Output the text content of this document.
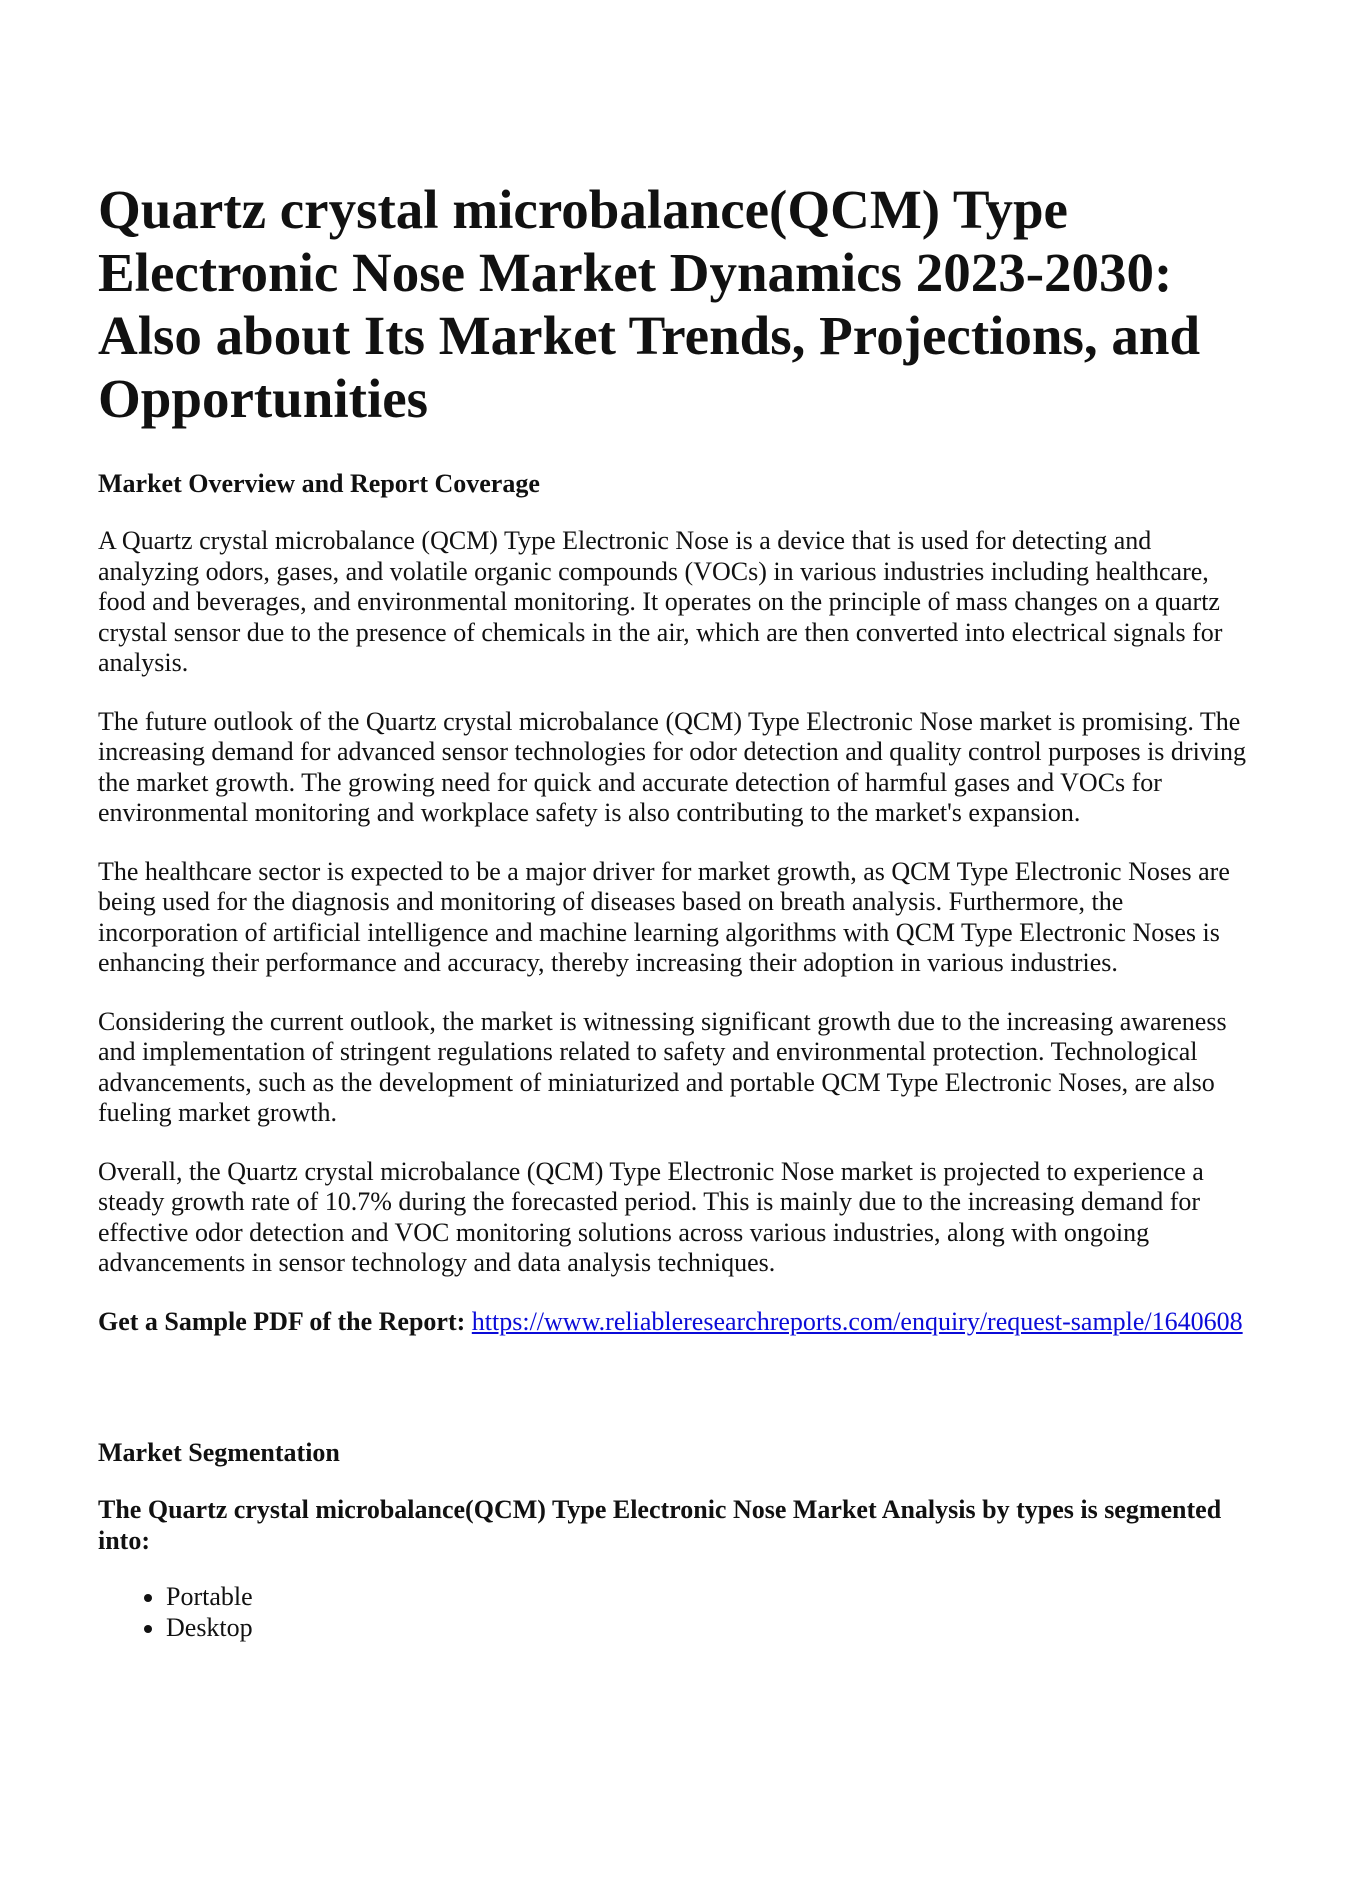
Quartz crystal microbalance(QCM) Type Electronic Nose Market Dynamics 2023-2030: Also about Its Market Trends, Projections, and Opportunities
Market Overview and Report Coverage

A Quartz crystal microbalance (QCM) Type Electronic Nose is a device that is used for detecting and analyzing odors, gases, and volatile organic compounds (VOCs) in various industries including healthcare, food and beverages, and environmental monitoring. It operates on the principle of mass changes on a quartz crystal sensor due to the presence of chemicals in the air, which are then converted into electrical signals for analysis.

The future outlook of the Quartz crystal microbalance (QCM) Type Electronic Nose market is promising. The increasing demand for advanced sensor technologies for odor detection and quality control purposes is driving the market growth. The growing need for quick and accurate detection of harmful gases and VOCs for environmental monitoring and workplace safety is also contributing to the market's expansion.

The healthcare sector is expected to be a major driver for market growth, as QCM Type Electronic Noses are being used for the diagnosis and monitoring of diseases based on breath analysis. Furthermore, the incorporation of artificial intelligence and machine learning algorithms with QCM Type Electronic Noses is enhancing their performance and accuracy, thereby increasing their adoption in various industries.

Considering the current outlook, the market is witnessing significant growth due to the increasing awareness and implementation of stringent regulations related to safety and environmental protection. Technological advancements, such as the development of miniaturized and portable QCM Type Electronic Noses, are also fueling market growth.

Overall, the Quartz crystal microbalance (QCM) Type Electronic Nose market is projected to experience a steady growth rate of 10.7% during the forecasted period. This is mainly due to the increasing demand for effective odor detection and VOC monitoring solutions across various industries, along with ongoing advancements in sensor technology and data analysis techniques.

Get a Sample PDF of the Report: https://www.reliableresearchreports.com/enquiry/request-sample/1640608
Market Segmentation
The Quartz crystal microbalance(QCM) Type Electronic Nose Market Analysis by types is segmented into:
• Portable
• Desktop
